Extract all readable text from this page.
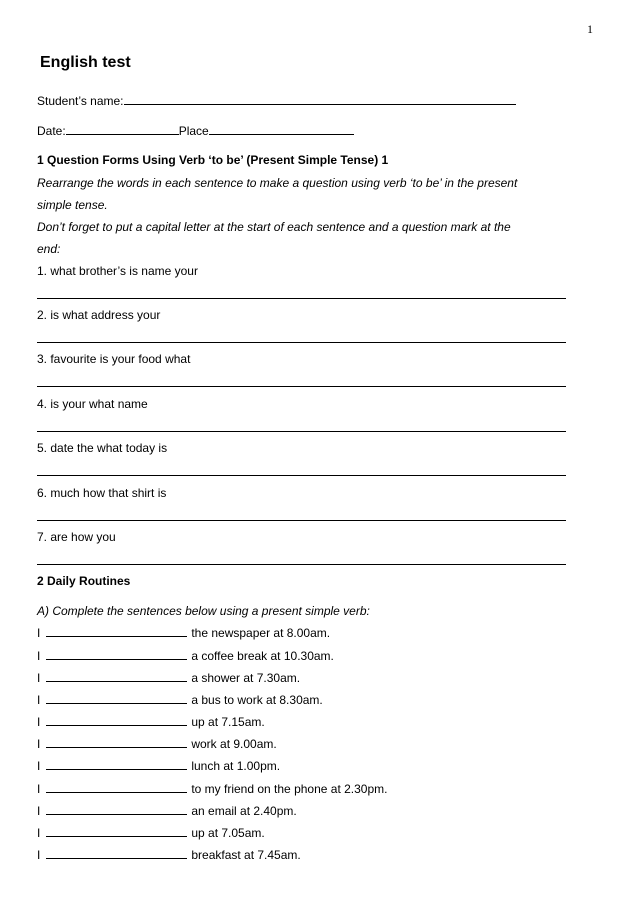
1
English test
Student’s name:
Date:	Place
1 Question Forms Using Verb ‘to be’ (Present Simple Tense) 1
Rearrange the words in each sentence to make a question using verb ‘to be’ in the present
simple tense.
Don’t forget to put a capital letter at the start of each sentence and a question mark at the
end:
1. what brother’s is name your
2. is what address your
3. favourite is your food what
4. is your what name
5. date the what today is
6. much how that shirt is
7. are how you
2 Daily Routines
A) Complete the sentences below using a present simple verb:
I	the newspaper at 8.00am.
I	a coffee break at 10.30am.
I	a shower at 7.30am.
I	a bus to work at 8.30am.
I	up at 7.15am.
I	work at 9.00am.
I	lunch at 1.00pm.
I	to my friend on the phone at 2.30pm.
I	an email at 2.40pm.
I	up at 7.05am.
I	breakfast at 7.45am.
